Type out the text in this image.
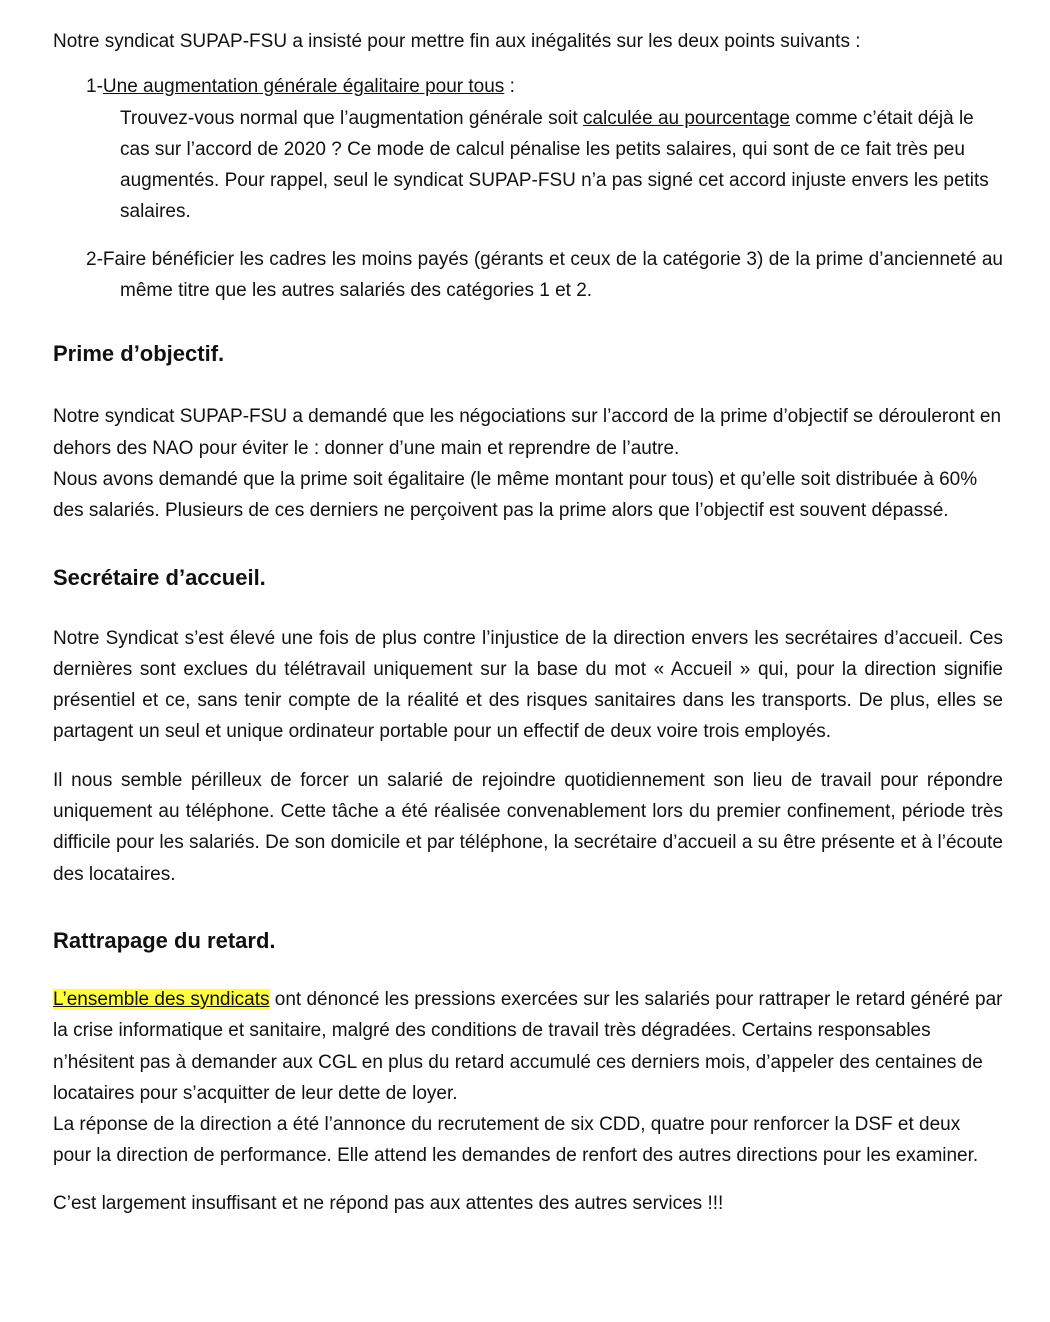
Notre syndicat SUPAP-FSU a insisté pour mettre fin aux inégalités sur les deux points suivants :

1-Une augmentation générale égalitaire pour tous :

Trouvez-vous normal que l’augmentation générale soit calculée au pourcentage comme c’était déjà le cas sur l’accord de 2020 ? Ce mode de calcul pénalise les petits salaires, qui sont de ce fait très peu augmentés. Pour rappel, seul le syndicat SUPAP-FSU n’a pas signé cet accord injuste envers les petits salaires.

2-Faire bénéficier les cadres les moins payés (gérants et ceux de la catégorie 3) de la prime d’ancienneté au même titre que les autres salariés des catégories 1 et 2.

Prime d’objectif.

Notre syndicat SUPAP-FSU a demandé que les négociations sur l’accord de la prime d’objectif se dérouleront en dehors des NAO pour éviter le : donner d’une main et reprendre de l’autre.

Nous avons demandé que la prime soit égalitaire (le même montant pour tous) et qu’elle soit distribuée à 60% des salariés. Plusieurs de ces derniers ne perçoivent pas la prime alors que l’objectif est souvent dépassé.

Secrétaire d’accueil.

Notre Syndicat s’est élevé une fois de plus contre l’injustice de la direction envers les secrétaires d’accueil. Ces dernières sont exclues du télétravail uniquement sur la base du mot « Accueil » qui, pour la direction signifie présentiel et ce, sans tenir compte de la réalité et des risques sanitaires dans les transports. De plus, elles se partagent un seul et unique ordinateur portable pour un effectif de deux voire trois employés.

Il nous semble périlleux de forcer un salarié de rejoindre quotidiennement son lieu de travail pour répondre uniquement au téléphone. Cette tâche a été réalisée convenablement lors du premier confinement, période très difficile pour les salariés. De son domicile et par téléphone, la secrétaire d’accueil a su être présente et à l’écoute des locataires.

Rattrapage du retard.

L’ensemble des syndicats ont dénoncé les pressions exercées sur les salariés pour rattraper le retard généré par la crise informatique et sanitaire, malgré des conditions de travail très dégradées. Certains responsables n’hésitent pas à demander aux CGL en plus du retard accumulé ces derniers mois, d’appeler des centaines de locataires pour s’acquitter de leur dette de loyer.

La réponse de la direction a été l’annonce du recrutement de six CDD, quatre pour renforcer la DSF et deux pour la direction de performance. Elle attend les demandes de renfort des autres directions pour les examiner.

C’est largement insuffisant et ne répond pas aux attentes des autres services !!!
